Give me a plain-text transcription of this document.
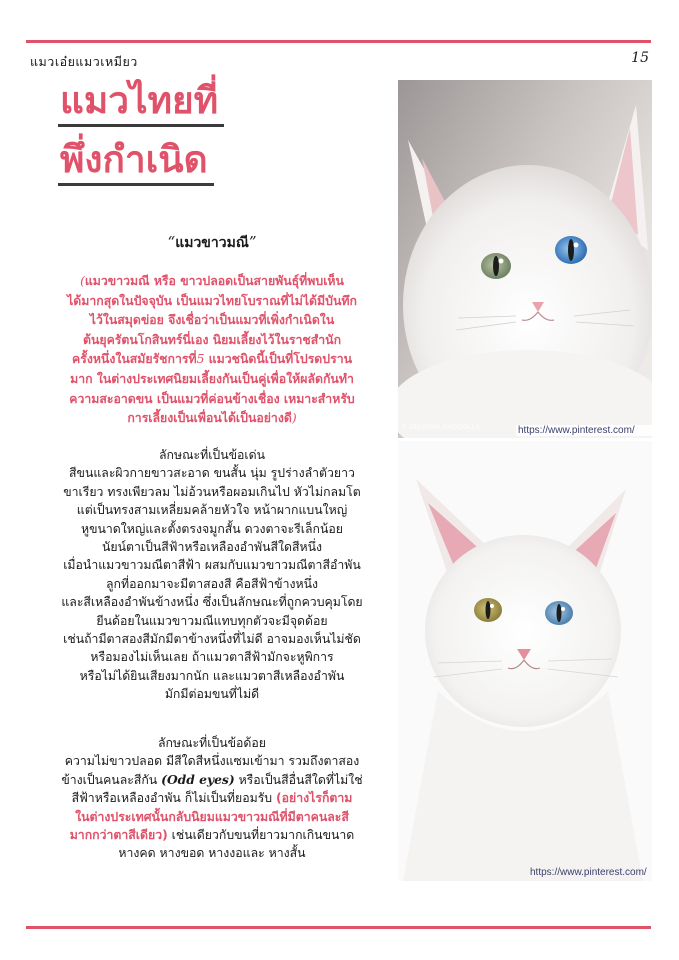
แมวเอ๋ยแมวเหมียว	15
แมวไทยที่
พึ่งกำเนิด
“แมวขาวมณี”
(แมวขาวมณี หรือ ขาวปลอดเป็นสายพันธุ์ที่พบเห็น
ได้มากสุดในปัจจุบัน เป็นแมวไทยโบราณที่ไม่ได้มีบันทึก
ไว้ในสมุดข่อย จึงเชื่อว่าเป็นแมวที่เพิ่งกำเนิดใน
ต้นยุครัตนโกสินทร์นี่เอง นิยมเลี้ยงไว้ในราชสำนัก
ครั้งหนึ่งในสมัยรัชการที่5 แมวชนิดนี้เป็นที่โปรดปราน
มาก ในต่างประเทศนิยมเลี้ยงกันเป็นคู่เพื่อให้ผลัดกันทำ
ความสะอาดขน เป็นแมวที่ค่อนข้างเชื่อง เหมาะสำหรับ
การเลี้ยงเป็นเพื่อนได้เป็นอย่างดี)
ลักษณะที่เป็นข้อเด่น
สีขนและผิวกายขาวสะอาด ขนสั้น นุ่ม รูปร่างลำตัวยาว
ขาเรียว ทรงเพียวลม ไม่อ้วนหรือผอมเกินไป หัวไม่กลมโต
แต่เป็นทรงสามเหลี่ยมคล้ายหัวใจ หน้าผากแบนใหญ่
หูขนาดใหญ่และตั้งตรงจมูกสั้น ดวงตาจะรีเล็กน้อย
นัยน์ตาเป็นสีฟ้าหรือเหลืองอำพันสีใดสีหนึ่ง
เมื่อนำแมวขาวมณีตาสีฟ้า ผสมกับแมวขาวมณีตาสีอำพัน
ลูกที่ออกมาจะมีตาสองสี คือสีฟ้าข้างหนึ่ง
และสีเหลืองอำพันข้างหนึ่ง ซึ่งเป็นลักษณะที่ถูกควบคุมโดย
ยีนด้อยในแมวขาวมณีแทบทุกตัวจะมีจุดด้อย
เช่นถ้ามีตาสองสีมักมีตาข้างหนึ่งที่ไม่ดี อาจมองเห็นไม่ชัด
หรือมองไม่เห็นเลย ถ้าแมวตาสีฟ้ามักจะหูพิการ
หรือไม่ได้ยินเสียงมากนัก และแมวตาสีเหลืองอำพัน
มักมีต่อมขนที่ไม่ดี
ลักษณะที่เป็นข้อด้อย
ความไม่ขาวปลอด มีสีใดสีหนึ่งแซมเข้ามา รวมถึงตาสอง
ข้างเป็นคนละสีกัน (Odd eyes) หรือเป็นสีอื่นสีใดที่ไม่ใช่
สีฟ้าหรือเหลืองอำพัน ก็ไม่เป็นที่ยอมรับ (อย่างไรก็ตาม
ในต่างประเทศนั้นกลับนิยมแมวขาวมณีที่มีตาคนละสี
มากกว่าตาสีเดียว) เช่นเดียวกับขนที่ยาวมากเกินขนาด
หางคด หางขอด หางงอและ หางสั้น
© ZELKOVA RAGDOLLS	https://www.pinterest.com/
https://www.pinterest.com/
